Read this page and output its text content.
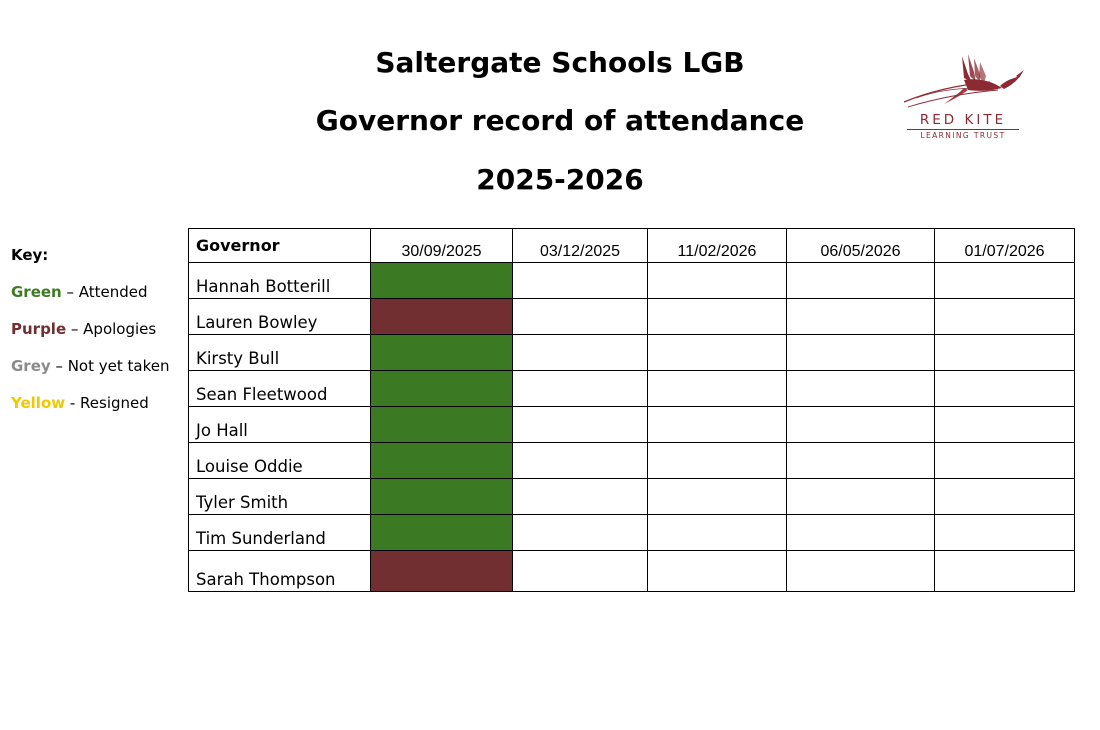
Saltergate Schools LGB
Governor record of attendance
2025-2026
RED KITE
LEARNING TRUST
Key:
Green – Attended
Purple – Apologies
Grey – Not yet taken
Yellow - Resigned
Governor	30/09/2025	03/12/2025	11/02/2026	06/05/2026	01/07/2026
Hannah Botterill					
Lauren Bowley					
Kirsty Bull					
Sean Fleetwood					
Jo Hall					
Louise Oddie					
Tyler Smith					
Tim Sunderland					
Sarah Thompson					
